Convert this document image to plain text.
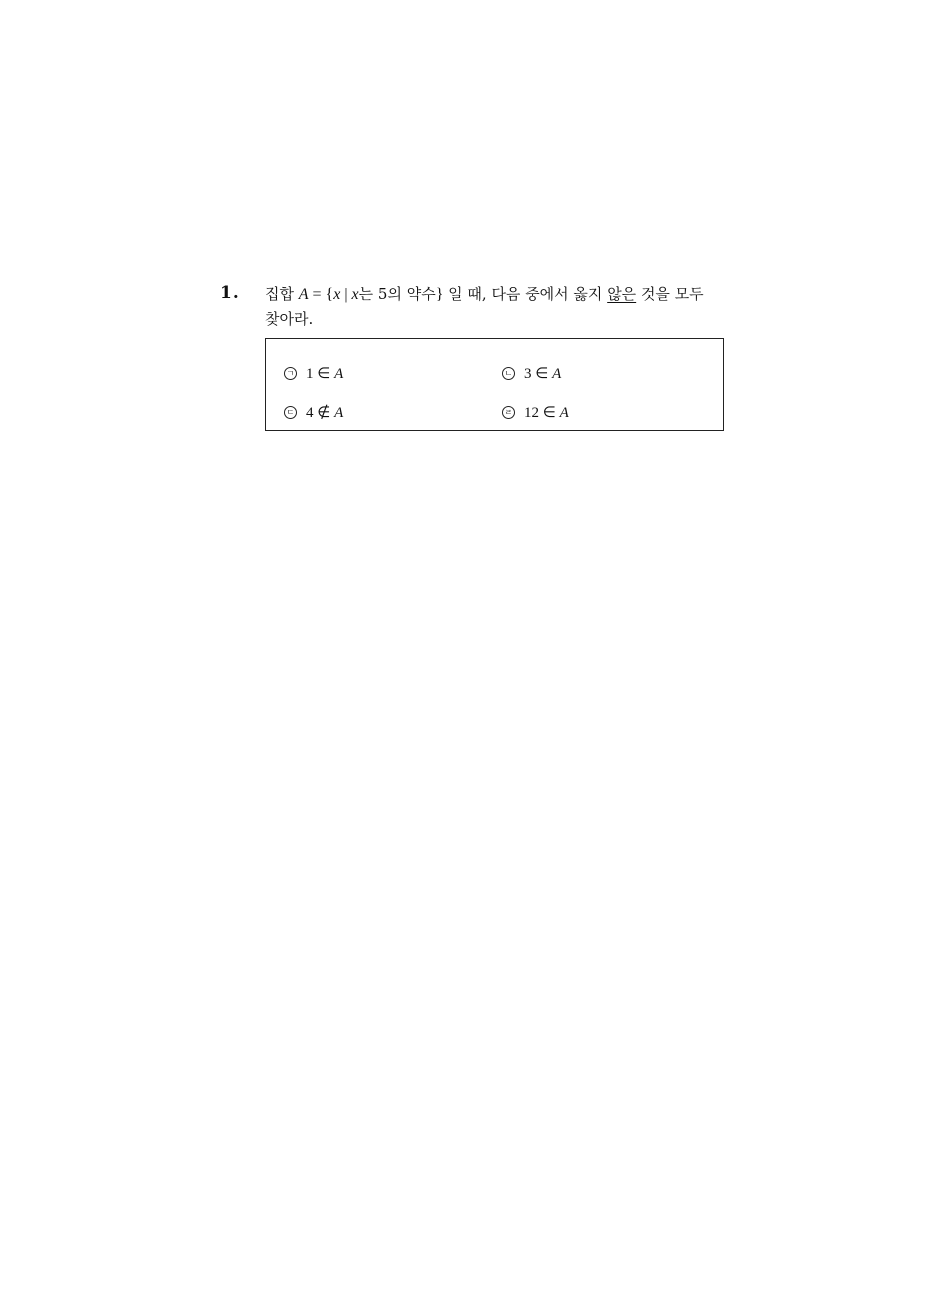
1. 집합 A = {x | x는 5의 약수} 일 때, 다음 중에서 옳지 않은 것을 모두
찾아라.
ㄱ 1 ∈ A	ㄴ 3 ∈ A
ㄷ 4 ∉ A	ㄹ 12 ∈ A
